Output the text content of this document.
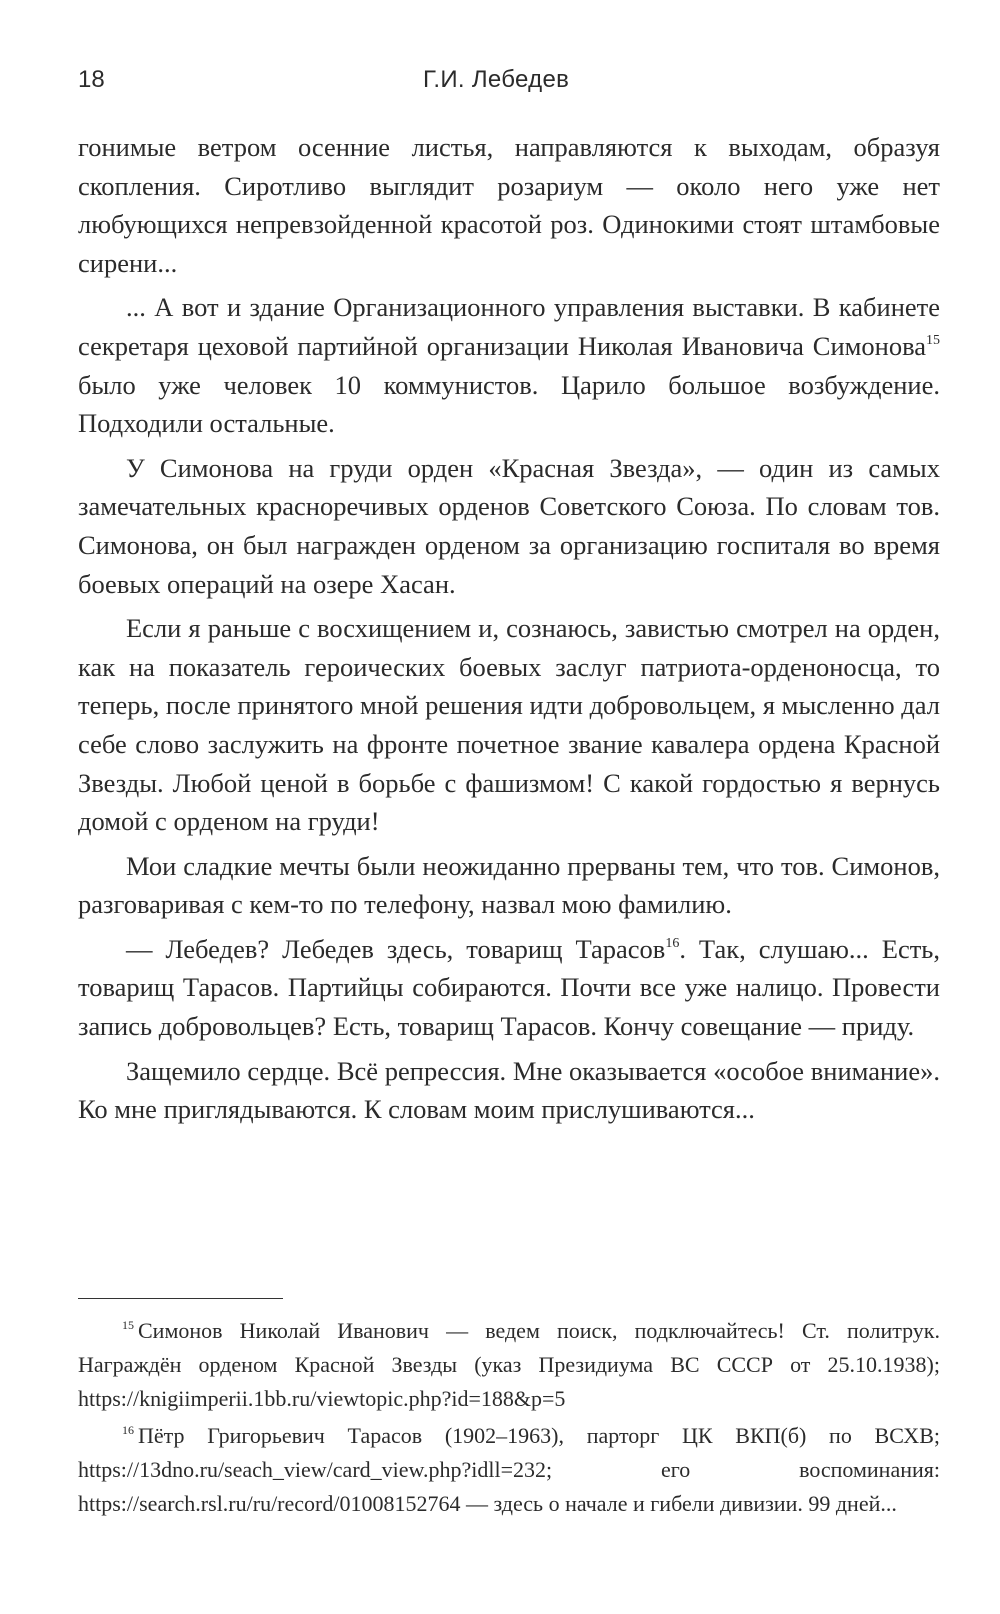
18	Г.И. Лебедев

гонимые ветром осенние листья, направляются к выходам, образуя скопления. Сиротливо выглядит розариум — около него уже нет любующихся непревзойденной красотой роз. Одинокими стоят штамбовые сирени...

... А вот и здание Организационного управления выставки. В кабинете секретаря цеховой партийной организации Николая Ивановича Симонова$^{15}$ было уже человек 10 коммунистов. Царило большое возбуждение. Подходили остальные.

У Симонова на груди орден «Красная Звезда», — один из самых замечательных красноречивых орденов Советского Союза. По словам тов. Симонова, он был награжден орденом за организацию госпиталя во время боевых операций на озере Хасан.

Если я раньше с восхищением и, сознаюсь, завистью смотрел на орден, как на показатель героических боевых заслуг патриота-орденоносца, то теперь, после принятого мной решения идти добровольцем, я мысленно дал себе слово заслужить на фронте почетное звание кавалера ордена Красной Звезды. Любой ценой в борьбе с фашизмом! С какой гордостью я вернусь домой с орденом на груди!

Мои сладкие мечты были неожиданно прерваны тем, что тов. Симонов, разговаривая с кем-то по телефону, назвал мою фамилию.

— Лебедев? Лебедев здесь, товарищ Тарасов$^{16}$. Так, слушаю... Есть, товарищ Тарасов. Партийцы собираются. Почти все уже налицо. Провести запись добровольцев? Есть, товарищ Тарасов. Кончу совещание — приду.

Защемило сердце. Всё репрессия. Мне оказывается «особое внимание». Ко мне приглядываются. К словам моим прислушиваются...

$^{15}$ Симонов Николай Иванович — ведем поиск, подключайтесь! Ст. политрук. Награждён орденом Красной Звезды (указ Президиума ВС СССР от 25.10.1938); https://knigiimperii.1bb.ru/viewtopic.php?id=188&p=5

$^{16}$ Пётр Григорьевич Тарасов (1902–1963), парторг ЦК ВКП(б) по ВСХВ; https://13dno.ru/seach_view/card_view.php?idll=232; его воспоминания: https://search.rsl.ru/ru/record/01008152764 — здесь о начале и гибели дивизии. 99 дней...
